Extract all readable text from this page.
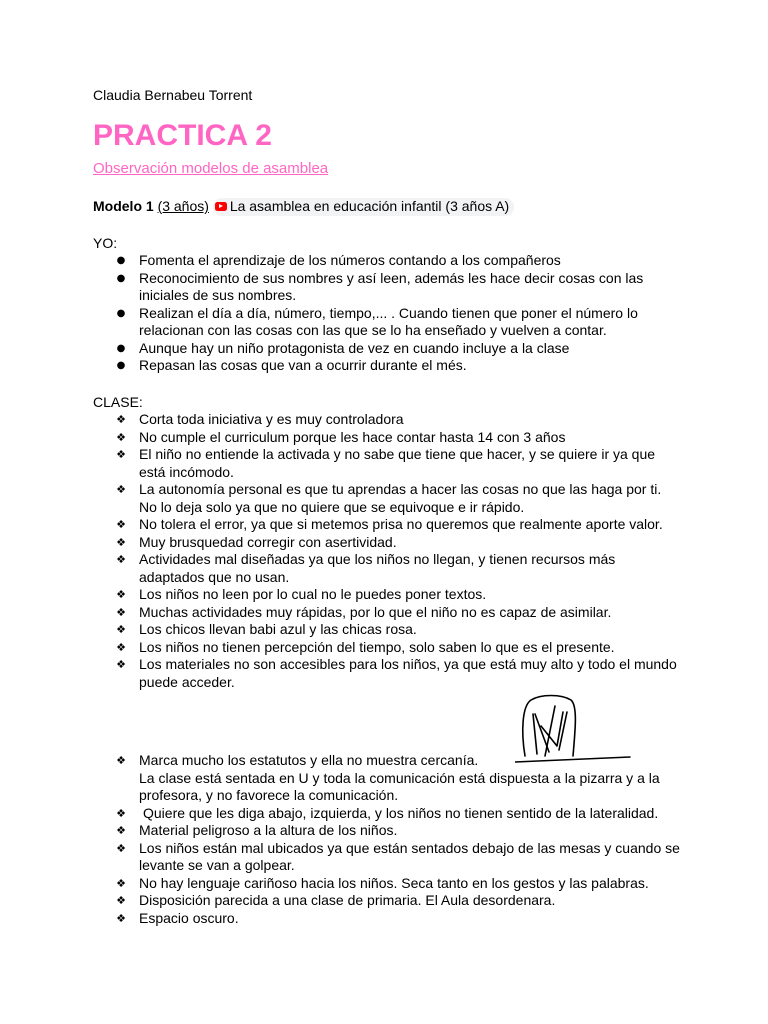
Claudia Bernabeu Torrent
PRACTICA 2
Observación modelos de asamblea
Modelo 1 (3 años) La asamblea en educación infantil (3 años A)
YO:
● Fomenta el aprendizaje de los números contando a los compañeros
● Reconocimiento de sus nombres y así leen, además les hace decir cosas con las iniciales de sus nombres.
● Realizan el día a día, número, tiempo,... . Cuando tienen que poner el número lo relacionan con las cosas con las que se lo ha enseñado y vuelven a contar.
● Aunque hay un niño protagonista de vez en cuando incluye a la clase
● Repasan las cosas que van a ocurrir durante el més.
CLASE:
❖ Corta toda iniciativa y es muy controladora
❖ No cumple el curriculum porque les hace contar hasta 14 con 3 años
❖ El niño no entiende la activada y no sabe que tiene que hacer, y se quiere ir ya que está incómodo.
❖ La autonomía personal es que tu aprendas a hacer las cosas no que las haga por ti. No lo deja solo ya que no quiere que se equivoque e ir rápido.
❖ No tolera el error, ya que si metemos prisa no queremos que realmente aporte valor.
❖ Muy brusquedad corregir con asertividad.
❖ Actividades mal diseñadas ya que los niños no llegan, y tienen recursos más adaptados que no usan.
❖ Los niños no leen por lo cual no le puedes poner textos.
❖ Muchas actividades muy rápidas, por lo que el niño no es capaz de asimilar.
❖ Los chicos llevan babi azul y las chicas rosa.
❖ Los niños no tienen percepción del tiempo, solo saben lo que es el presente.
❖ Los materiales no son accesibles para los niños, ya que está muy alto y todo el mundo puede acceder.
❖ Marca mucho los estatutos y ella no muestra cercanía.
La clase está sentada en U y toda la comunicación está dispuesta a la pizarra y a la profesora, y no favorece la comunicación.
❖ Quiere que les diga abajo, izquierda, y los niños no tienen sentido de la lateralidad.
❖ Material peligroso a la altura de los niños.
❖ Los niños están mal ubicados ya que están sentados debajo de las mesas y cuando se levante se van a golpear.
❖ No hay lenguaje cariñoso hacia los niños. Seca tanto en los gestos y las palabras.
❖ Disposición parecida a una clase de primaria. El Aula desordenara.
❖ Espacio oscuro.
